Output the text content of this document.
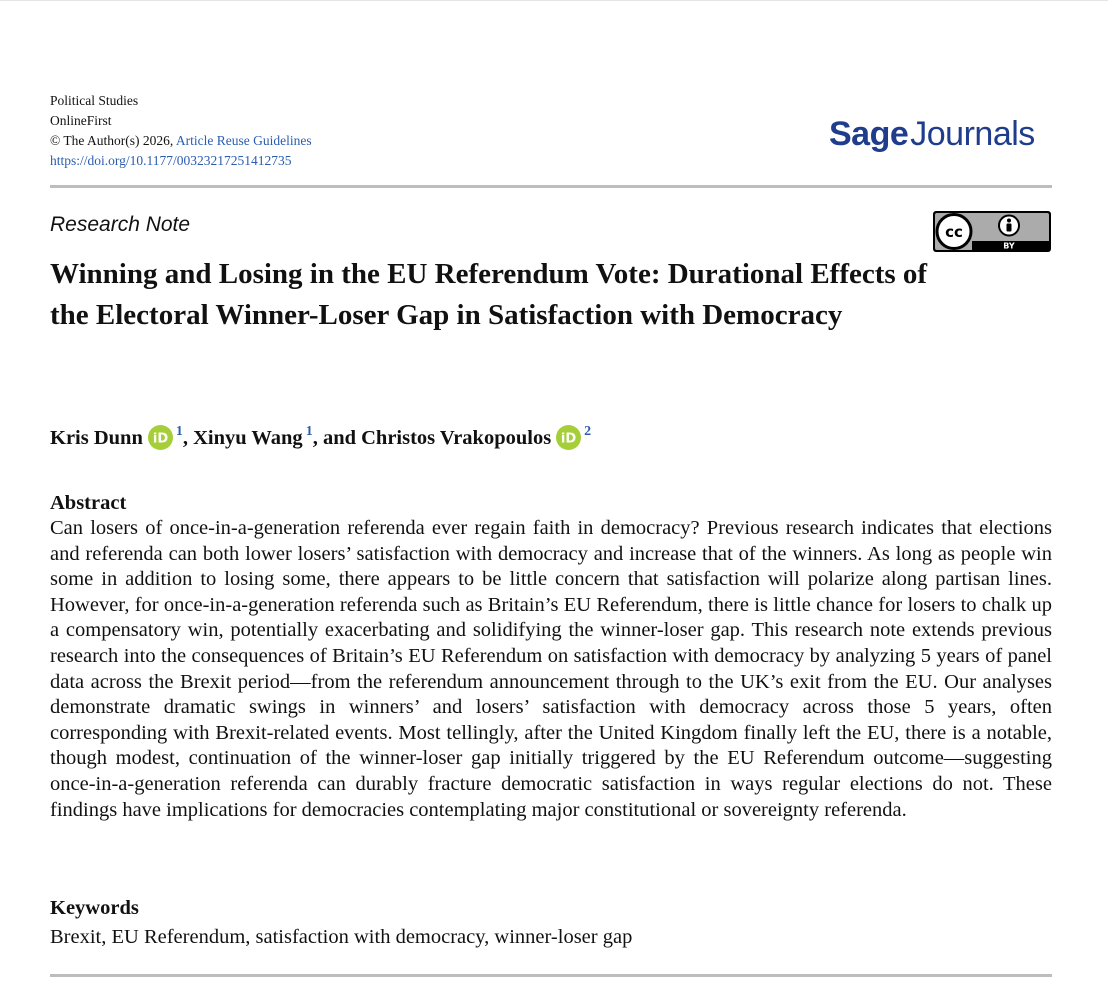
Political Studies
OnlineFirst
© The Author(s) 2026, Article Reuse Guidelines
https://doi.org/10.1177/00323217251412735
SageJournals
Research Note	cc
BY
Winning and Losing in the EU Referendum Vote: Durational Effects of the Electoral Winner-Loser Gap in Satisfaction with Democracy
Kris Dunn iD $^1$, Xinyu Wang $^1$, and Christos Vrakopoulos iD $^2$
Abstract

Can losers of once-in-a-generation referenda ever regain faith in democracy? Previous research indicates that elections and referenda can both lower losers’ satisfaction with democracy and increase that of the winners. As long as people win some in addition to losing some, there appears to be little concern that satisfaction will polarize along partisan lines. However, for once-in-a-generation referenda such as Britain’s EU Referendum, there is little chance for losers to chalk up a compensatory win, potentially exacerbating and solidifying the winner-loser gap. This research note extends previous research into the consequences of Britain’s EU Referendum on satisfaction with democracy by analyzing 5 years of panel data across the Brexit period—from the referendum announcement through to the UK’s exit from the EU. Our analyses demonstrate dramatic swings in winners’ and losers’ satisfaction with democracy across those 5 years, often corresponding with Brexit-related events. Most tellingly, after the United Kingdom finally left the EU, there is a notable, though modest, continuation of the winner-loser gap initially triggered by the EU Referendum outcome—suggesting once-in-a-generation referenda can durably fracture democratic satisfaction in ways regular elections do not. These findings have implications for democracies contemplating major constitutional or sovereignty referenda.

Keywords
Brexit, EU Referendum, satisfaction with democracy, winner-loser gap
